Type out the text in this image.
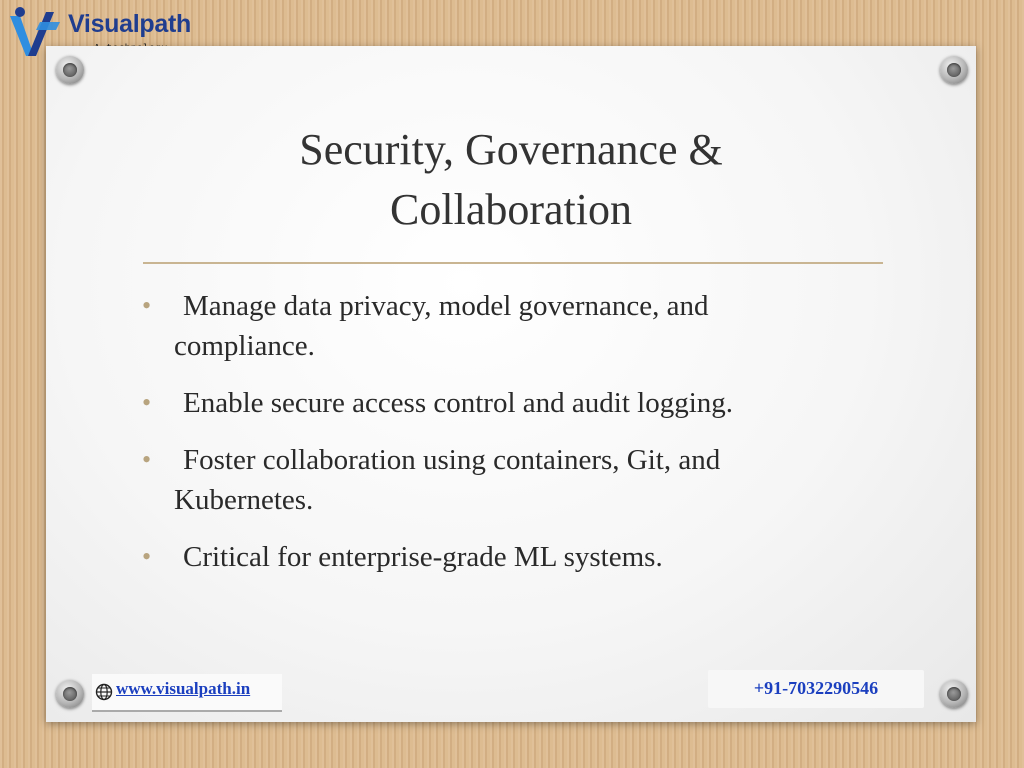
Visualpath
Security, Governance &
Collaboration
•	Manage data privacy, model governance, and compliance.
•	Enable secure access control and audit logging.
•	Foster collaboration using containers, Git, and Kubernetes.
•	Critical for enterprise-grade ML systems.
www.visualpath.in	+91-7032290546
